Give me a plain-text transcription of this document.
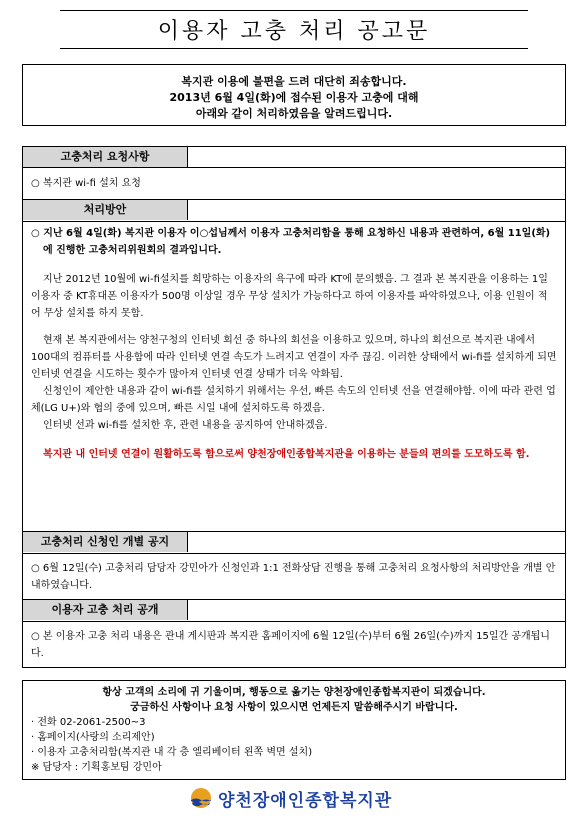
이용자 고충 처리 공고문
복지관 이용에 불편을 드려 대단히 죄송합니다.
2013년 6월 4일(화)에 접수된 이용자 고충에 대해
아래와 같이 처리하였음을 알려드립니다.
고충처리 요청사항

○ 복지관 wi-fi 설치 요청

처리방안

○ 지난 6월 4일(화) 복지관 이용자 이○섭님께서 이용자 고충처리함을 통해 요청하신 내용과 관련하여, 6월 11일(화)에 진행한 고충처리위원회의 결과입니다.

지난 2012년 10월에 wi-fi설치를 희망하는 이용자의 욕구에 따라 KT에 문의했음. 그 결과 본 복지관을 이용하는 1일 이용자 중 KT휴대폰 이용자가 500명 이상일 경우 무상 설치가 가능하다고 하여 이용자를 파악하였으나, 이용 인원이 적어 무상 설치를 하지 못함.

현재 본 복지관에서는 양천구청의 인터넷 회선 중 하나의 회선을 이용하고 있으며, 하나의 회선으로 복지관 내에서 100대의 컴퓨터를 사용함에 따라 인터넷 연결 속도가 느려지고 연결이 자주 끊김. 이러한 상태에서 wi-fi를 설치하게 되면 인터넷 연결을 시도하는 횟수가 많아져 인터넷 연결 상태가 더욱 악화됨.

신청인이 제안한 내용과 같이 wi-fi를 설치하기 위해서는 우선, 빠른 속도의 인터넷 선을 연결해야함. 이에 따라 관련 업체(LG U+)와 협의 중에 있으며, 빠른 시일 내에 설치하도록 하겠음.

인터넷 선과 wi-fi를 설치한 후, 관련 내용을 공지하여 안내하겠음.

복지관 내 인터넷 연결이 원활하도록 함으로써 양천장애인종합복지관을 이용하는 분들의 편의를 도모하도록 함.

고충처리 신청인 개별 공지

○ 6월 12일(수) 고충처리 담당자 강민아가 신청인과 1:1 전화상담 진행을 통해 고충처리 요청사항의 처리방안을 개별 안내하였습니다.

이용자 고충 처리 공개

○ 본 이용자 고충 처리 내용은 관내 게시판과 복지관 홈페이지에 6월 12일(수)부터 6월 26일(수)까지 15일간 공개됩니다.

항상 고객의 소리에 귀 기울이며, 행동으로 옮기는 양천장애인종합복지관이 되겠습니다.
궁금하신 사항이나 요청 사항이 있으시면 언제든지 말씀해주시기 바랍니다.
· 전화 02-2061-2500~3
· 홈페이지(사랑의 소리제안)
· 이용자 고충처리함(복지관 내 각 층 엘리베이터 왼쪽 벽면 설치)
※ 담당자 : 기획홍보팀 강민아
양천장애인종합복지관
